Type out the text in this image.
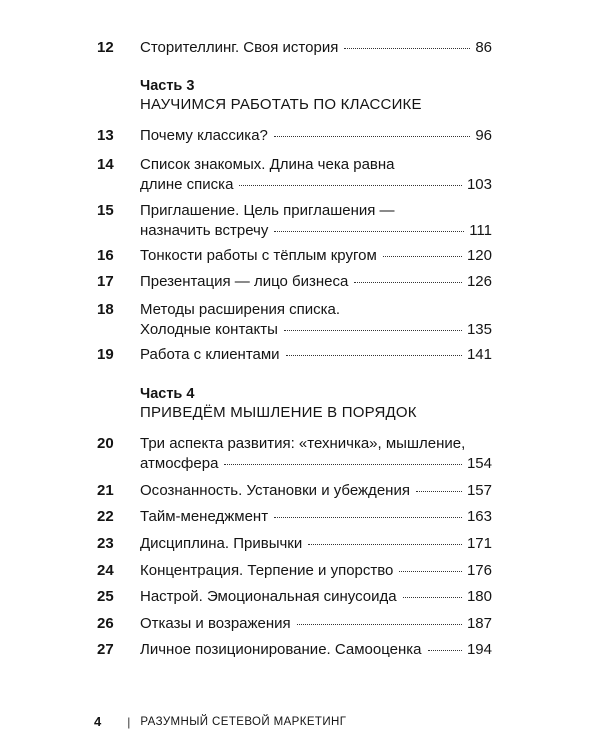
12 Сторителлинг. Своя история	86
Часть 3
НАУЧИМСЯ РАБОТАТЬ ПО КЛАССИКЕ
13 Почему классика?	96
14 Список знакомых. Длина чека равна
длине списка	103
15 Приглашение. Цель приглашения —
назначить встречу	111
16 Тонкости работы с тёплым кругом	120
17 Презентация — лицо бизнеса	126
18 Методы расширения списка.
Холодные контакты	135
19 Работа с клиентами	141
Часть 4
ПРИВЕДЁМ МЫШЛЕНИЕ В ПОРЯДОК
20 Три аспекта развития: «техничка», мышление,
атмосфера	154
21 Осознанность. Установки и убеждения	157
22 Тайм-менеджмент	163
23 Дисциплина. Привычки	171
24 Концентрация. Терпение и упорство	176
25 Настрой. Эмоциональная синусоида	180
26 Отказы и возражения	187
27 Личное позиционирование. Самооценка	194
4 | РАЗУМНЫЙ СЕТЕВОЙ МАРКЕТИНГ
